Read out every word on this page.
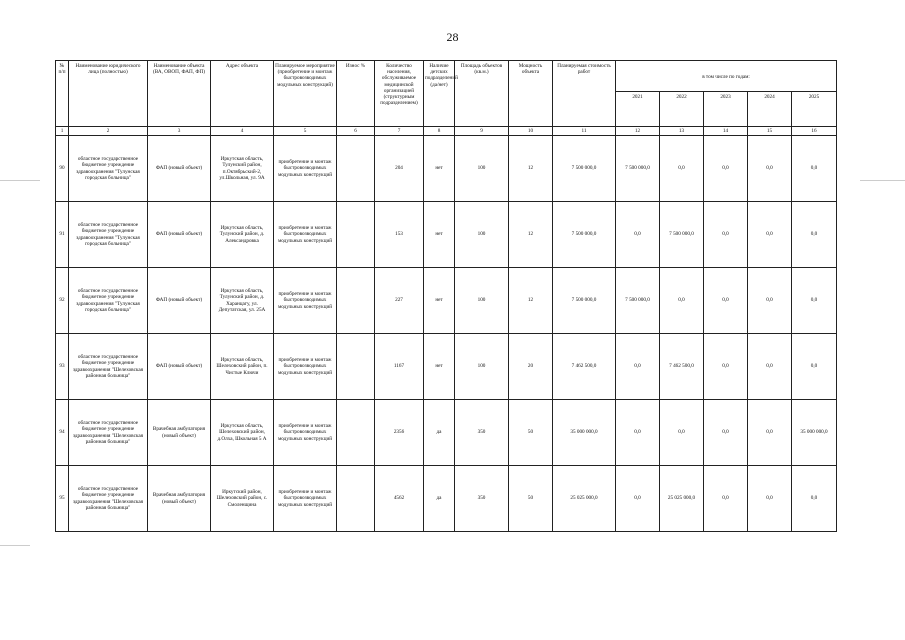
28
№ п/п	Наименование юридического лица (полностью)	Наименование объекта (ВА, ОВОП, ФАП, ФП)	Адрес объекта	Планируемое мероприятие (приобретение и монтаж быстровозводимых модульных конструкций)	Износ %	Количество населения, обслуживаемое медицинской организацией (структурным подразделением)	Наличие детских подразделений (да/нет)	Площадь объектов (кв.м.)	Мощность объекта	Планируемая стоимость работ	в том числе по годам:				
											2021	2022	2023	2024	2025
1	2	3	4	5	6	7	8	9	10	11	12	13	14	15	16
90	областное государственное бюджетное учреждение здравоохранения "Тулунская городская больница"	ФАП (новый объект)	Иркутская область, Тулунский район, п.Октябрьский-2, ул.Школьная, ул. 9А	приобретение и монтаж быстровозводимых модульных конструкций		204	нет	100	12	7 500 000,0	7 500 000,0	0,0	0,0	0,0	0,0
91	областное государственное бюджетное учреждение здравоохранения "Тулунская городская больница"	ФАП (новый объект)	Иркутская область, Тулунский район, д. Александровка	приобретение и монтаж быстровозводимых модульных конструкций		153	нет	100	12	7 500 000,0	0,0	7 500 000,0	0,0	0,0	0,0
92	областное государственное бюджетное учреждение здравоохранения "Тулунская городская больница"	ФАП (новый объект)	Иркутская область, Тулунский район, д. Харанцагу, ул. Депутатская, ул. 25А	приобретение и монтаж быстровозводимых модульных конструкций		227	нет	100	12	7 500 000,0	7 500 000,0	0,0	0,0	0,0	0,0
93	областное государственное бюджетное учреждение здравоохранения "Шелеховская районная больница"	ФАП (новый объект)	Иркутская область, Шелеховский район, п. Чистые Ключи	приобретение и монтаж быстровозводимых модульных конструкций		1167	нет	100	20	7 462 500,0	0,0	7 462 500,0	0,0	0,0	0,0
94	областное государственное бюджетное учреждение здравоохранения "Шелеховская районная больница"	Врачебная амбулатория (новый объект)	Иркутская область, Шелеховский район, д.Олха, Школьная 5 А	приобретение и монтаж быстровозводимых модульных конструкций		2356	да	350	50	35 000 000,0	0,0	0,0	0,0	0,0	35 000 000,0
95	областное государственное бюджетное учреждение здравоохранения "Шелеховская районная больница"	Врачебная амбулатория (новый объект)	Иркутский район, Шелеховский район, с. Смоленщина	приобретение и монтаж быстровозводимых модульных конструкций		4562	да	350	50	25 025 000,0	0,0	25 025 000,0	0,0	0,0	0,0
